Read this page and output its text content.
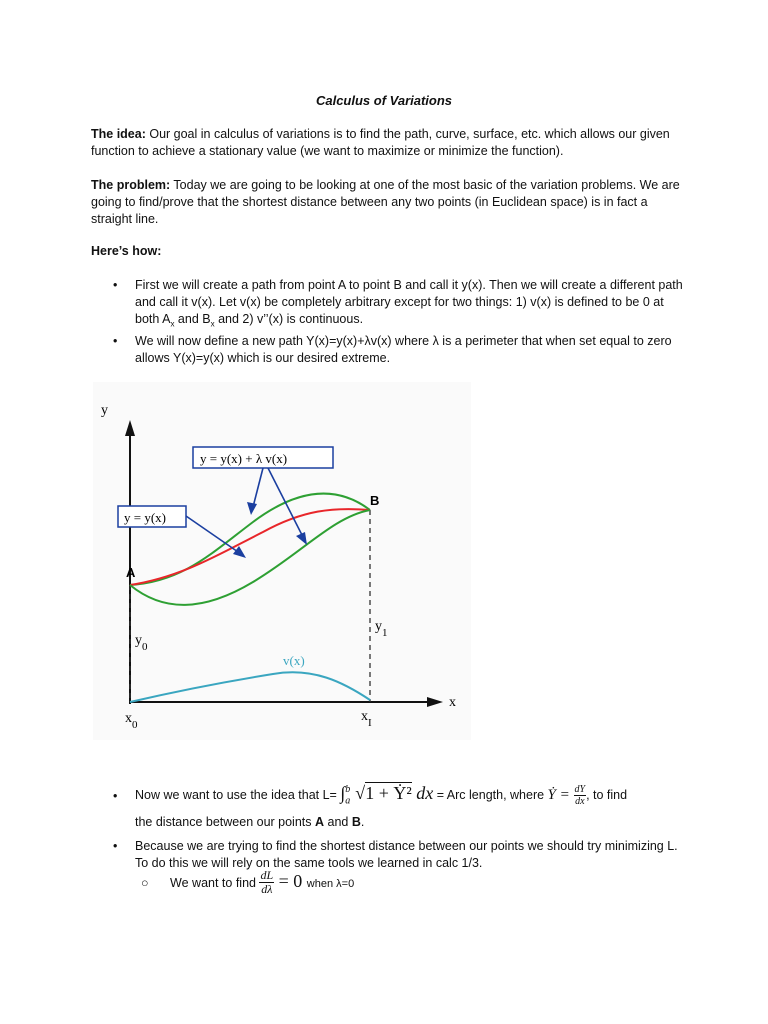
Calculus of Variations
The idea: Our goal in calculus of variations is to find the path, curve, surface, etc. which allows our given function to achieve a stationary value (we want to maximize or minimize the function).
The problem: Today we are going to be looking at one of the most basic of the variation problems. We are going to find/prove that the shortest distance between any two points (in Euclidean space) is in fact a straight line.
Here’s how:
• First we will create a path from point A to point B and call it y(x). Then we will create a different path and call it v(x). Let v(x) be completely arbitrary except for two things: 1) v(x) is defined to be 0 at both $A_x$ and $B_x$ and 2) v’’(x) is continuous.
• We will now define a new path Y(x)=y(x)+λv(x) where λ is a perimeter that when set equal to zero allows Y(x)=y(x) which is our desired extreme.
y
x
y = y(x) + λ v(x)
y = y(x)
A
B
$y_0$
$y_1$
$x_0$
$x_I$
v(x)
• Now we want to use the idea that $L= \int_a^b$ √1 + Ẏ² dx = Arc length, where Ẏ = $\frac{dY}{dx}$ , to find
the distance between our points A and B.
• Because we are trying to find the shortest distance between our points we should try minimizing L. To do this we will rely on the same tools we learned in calc 1/3.
○ We want to find $\frac{dL}{d\lambda} = 0$ when λ=0
